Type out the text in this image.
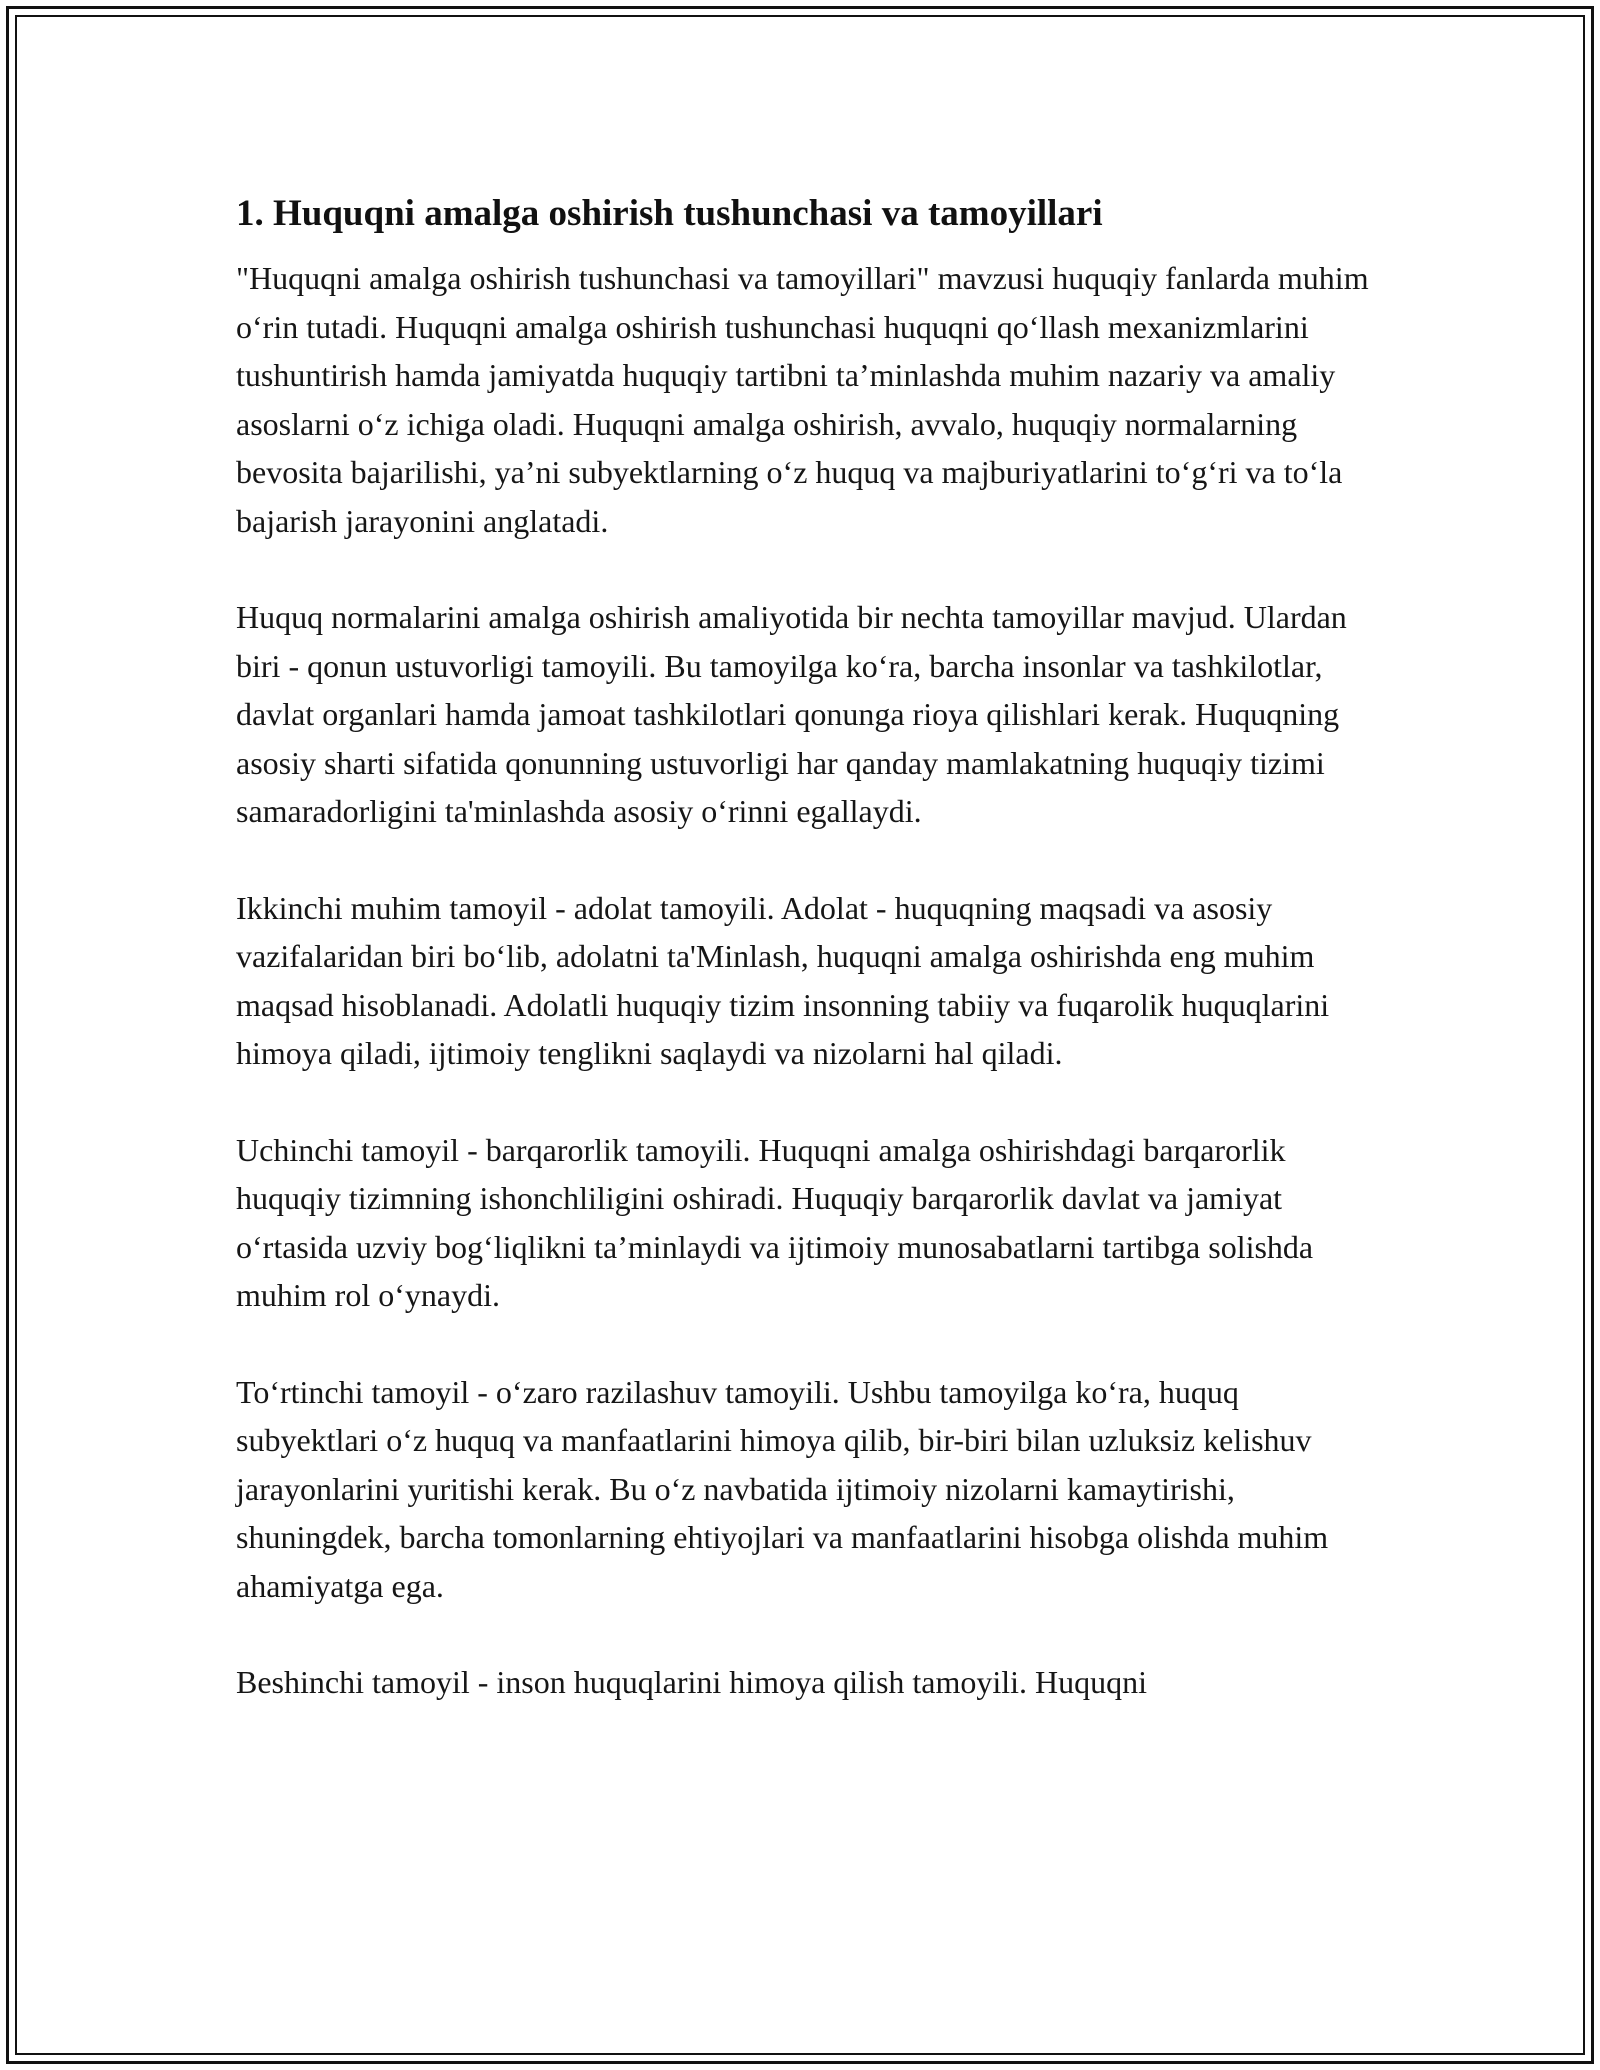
1. Huquqni amalga oshirish tushunchasi va tamoyillari

"Huquqni amalga oshirish tushunchasi va tamoyillari" mavzusi huquqiy fanlarda muhim o‘rin tutadi. Huquqni amalga oshirish tushunchasi huquqni qo‘llash mexanizmlarini tushuntirish hamda jamiyatda huquqiy tartibni ta’minlashda muhim nazariy va amaliy asoslarni o‘z ichiga oladi. Huquqni amalga oshirish, avvalo, huquqiy normalarning bevosita bajarilishi, ya’ni subyektlarning o‘z huquq va majburiyatlarini to‘g‘ri va to‘la bajarish jarayonini anglatadi.

Huquq normalarini amalga oshirish amaliyotida bir nechta tamoyillar mavjud. Ulardan biri - qonun ustuvorligi tamoyili. Bu tamoyilga ko‘ra, barcha insonlar va tashkilotlar, davlat organlari hamda jamoat tashkilotlari qonunga rioya qilishlari kerak. Huquqning asosiy sharti sifatida qonunning ustuvorligi har qanday mamlakatning huquqiy tizimi samaradorligini ta'minlashda asosiy o‘rinni egallaydi.

Ikkinchi muhim tamoyil - adolat tamoyili. Adolat - huquqning maqsadi va asosiy vazifalaridan biri bo‘lib, adolatni ta'Minlash, huquqni amalga oshirishda eng muhim maqsad hisoblanadi. Adolatli huquqiy tizim insonning tabiiy va fuqarolik huquqlarini himoya qiladi, ijtimoiy tenglikni saqlaydi va nizolarni hal qiladi.

Uchinchi tamoyil - barqarorlik tamoyili. Huquqni amalga oshirishdagi barqarorlik huquqiy tizimning ishonchliligini oshiradi. Huquqiy barqarorlik davlat va jamiyat o‘rtasida uzviy bog‘liqlikni ta’minlaydi va ijtimoiy munosabatlarni tartibga solishda muhim rol o‘ynaydi.

To‘rtinchi tamoyil - o‘zaro razilashuv tamoyili. Ushbu tamoyilga ko‘ra, huquq subyektlari o‘z huquq va manfaatlarini himoya qilib, bir-biri bilan uzluksiz kelishuv jarayonlarini yuritishi kerak. Bu o‘z navbatida ijtimoiy nizolarni kamaytirishi, shuningdek, barcha tomonlarning ehtiyojlari va manfaatlarini hisobga olishda muhim ahamiyatga ega.

Beshinchi tamoyil - inson huquqlarini himoya qilish tamoyili. Huquqni
